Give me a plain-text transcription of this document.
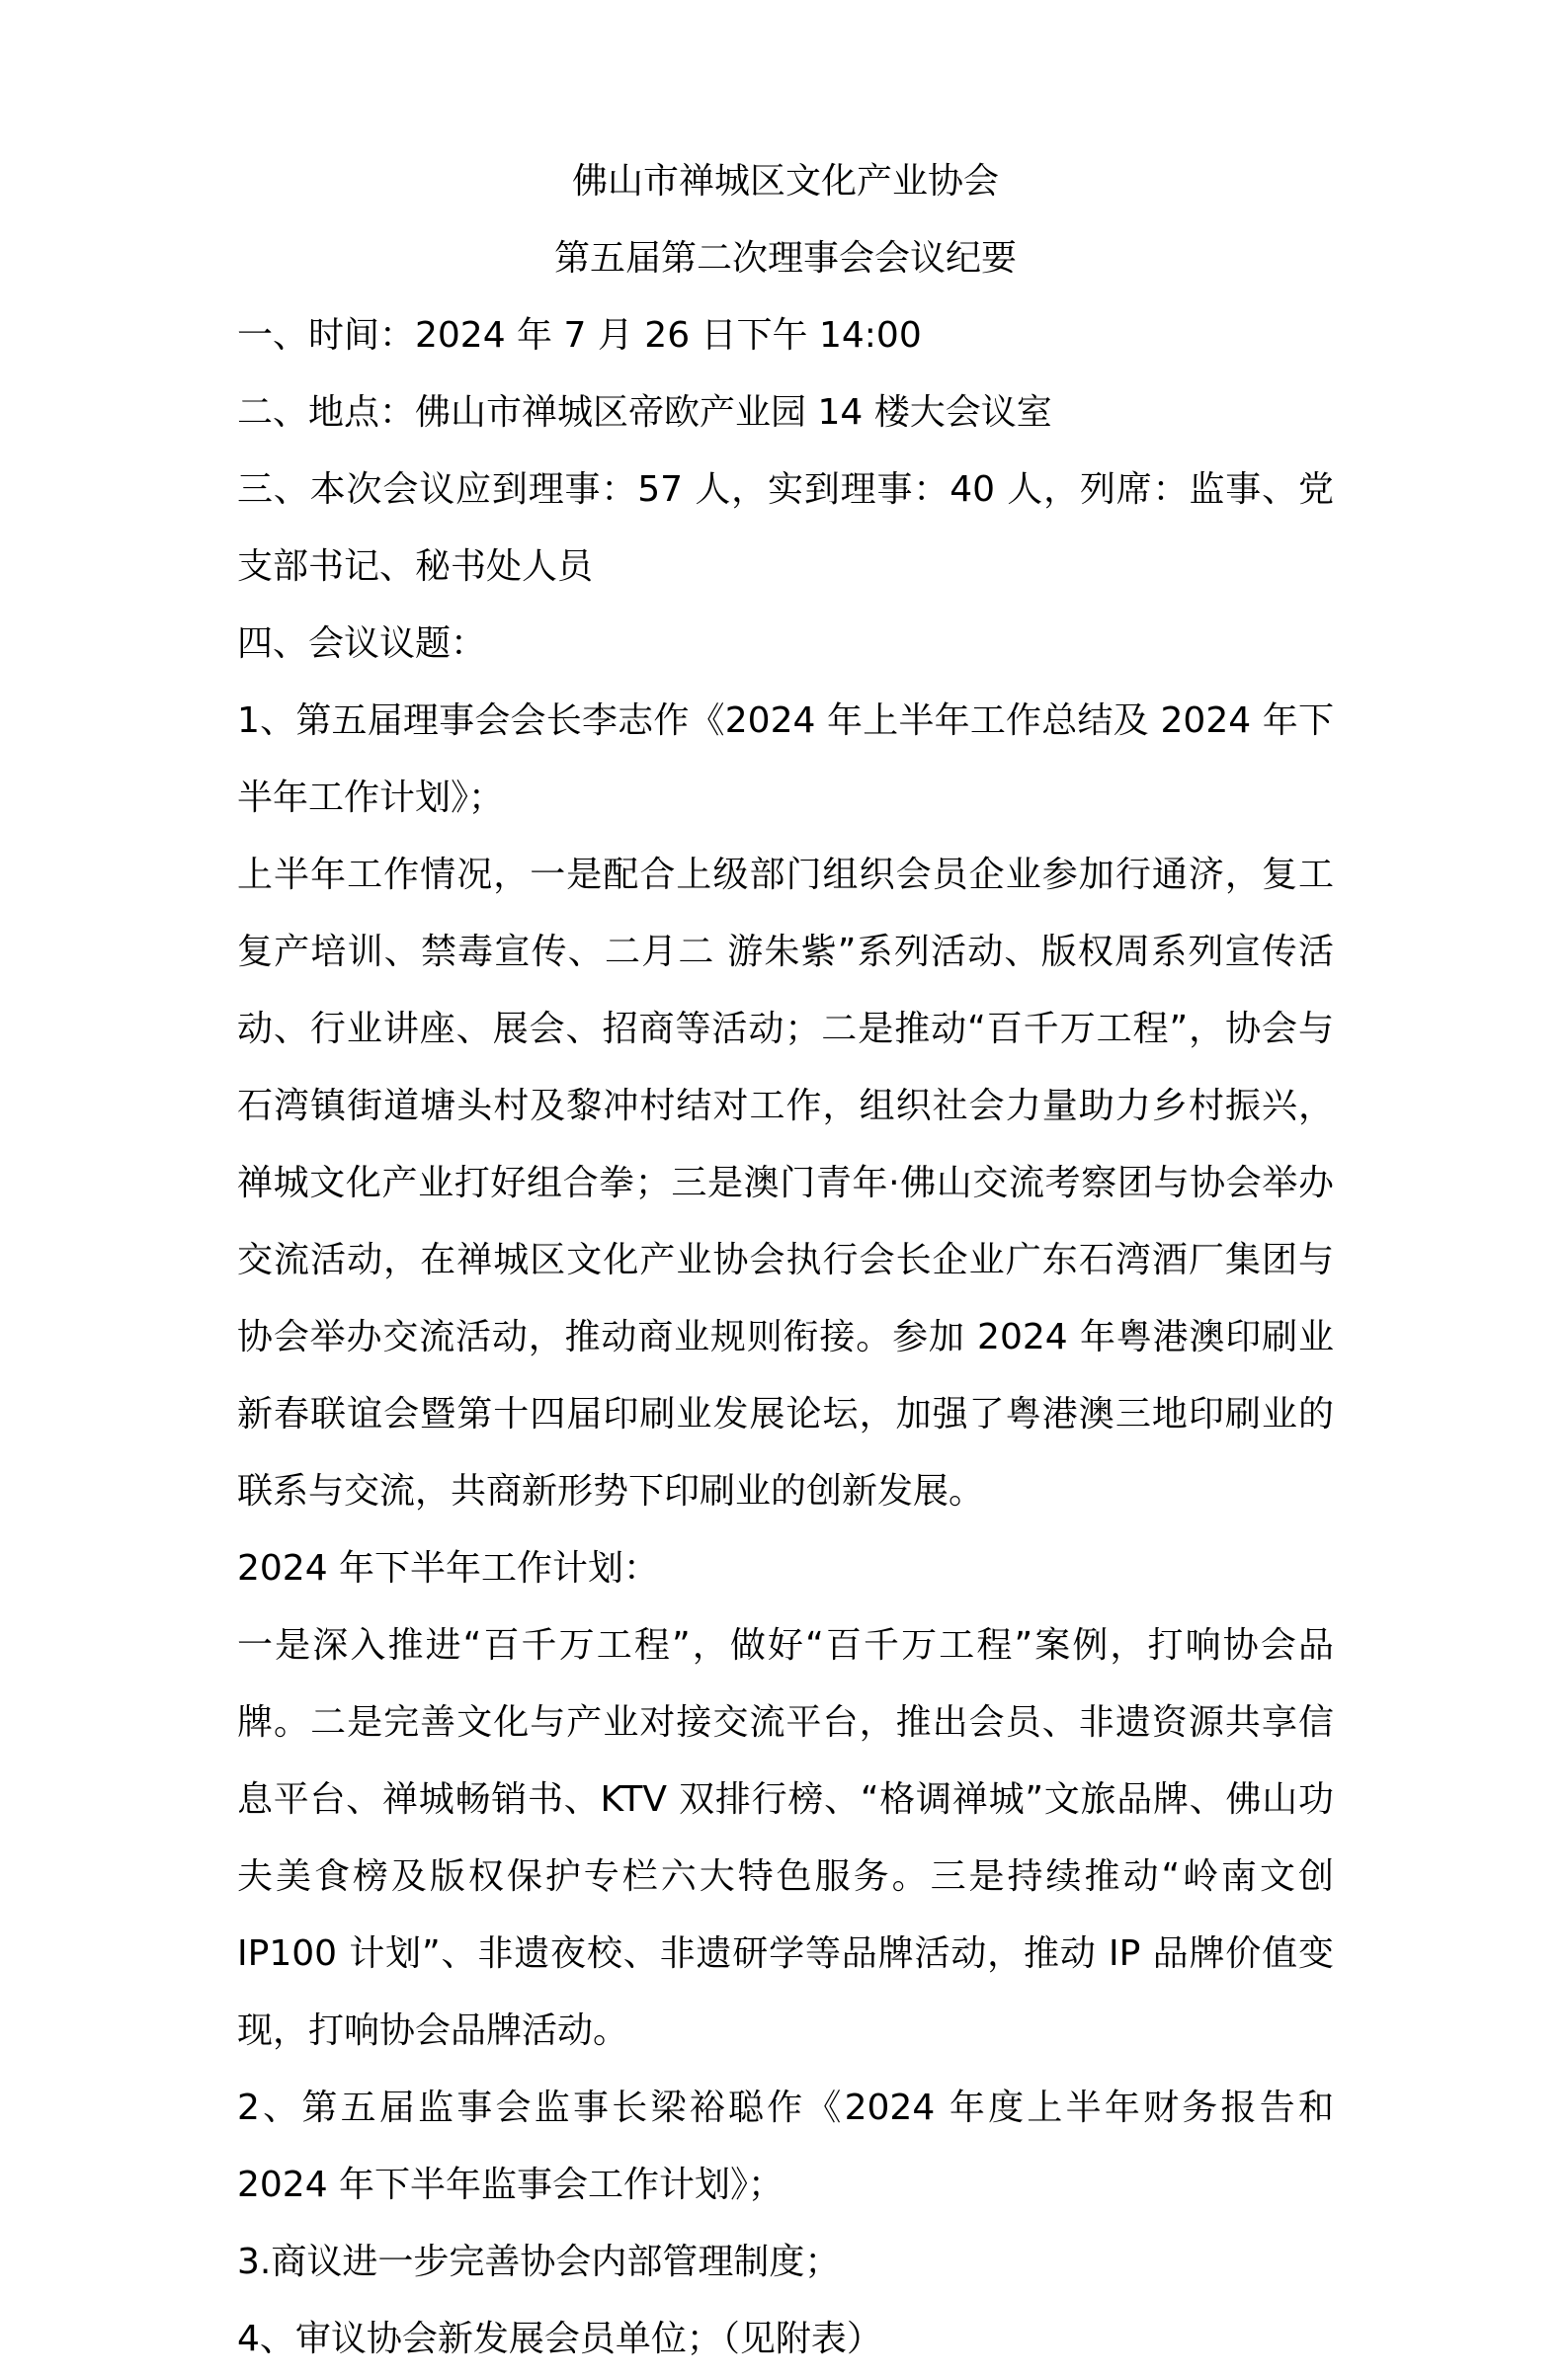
佛山市禅城区文化产业协会
第五届第二次理事会会议纪要

一、时间：2024 年 7 月 26 日下午 14:00

二、地点：佛山市禅城区帝欧产业园 14 楼大会议室

三、本次会议应到理事：57 人，实到理事：40 人，列席：监事、党支部书记、秘书处人员

四、会议议题：

1、第五届理事会会长李志作《2024 年上半年工作总结及 2024 年下半年工作计划》；

上半年工作情况，一是配合上级部门组织会员企业参加行通济，复工复产培训、禁毒宣传、二月二 游朱紫”系列活动、版权周系列宣传活动、行业讲座、展会、招商等活动；二是推动“百千万工程”，协会与石湾镇街道塘头村及黎冲村结对工作，组织社会力量助力乡村振兴，禅城文化产业打好组合拳；三是澳门青年·佛山交流考察团与协会举办交流活动，在禅城区文化产业协会执行会长企业广东石湾酒厂集团与协会举办交流活动，推动商业规则衔接。参加 2024 年粤港澳印刷业新春联谊会暨第十四届印刷业发展论坛，加强了粤港澳三地印刷业的联系与交流，共商新形势下印刷业的创新发展。

2024 年下半年工作计划：

一是深入推进“百千万工程”，做好“百千万工程”案例，打响协会品牌。二是完善文化与产业对接交流平台，推出会员、非遗资源共享信息平台、禅城畅销书、KTV 双排行榜、“格调禅城”文旅品牌、佛山功夫美食榜及版权保护专栏六大特色服务。三是持续推动“岭南文创 IP100 计划”、非遗夜校、非遗研学等品牌活动，推动 IP 品牌价值变现，打响协会品牌活动。

2、第五届监事会监事长梁裕聪作《2024 年度上半年财务报告和 2024 年下半年监事会工作计划》；

3.商议进一步完善协会内部管理制度；

4、审议协会新发展会员单位；（见附表）
